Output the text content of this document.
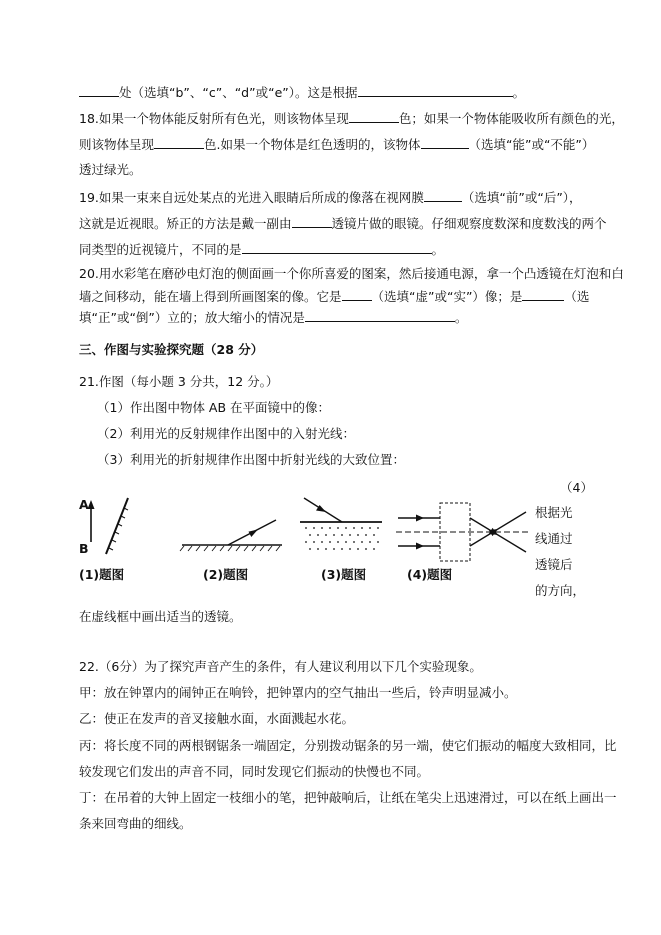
处（选填“b”、“c”、“d”或“e”）。这是根据	。
18.如果一个物体能反射所有色光，则该物体呈现	色；如果一个物体能吸收所有颜色的光，
则该物体呈现	色.如果一个物体是红色透明的，该物体	（选填“能”或“不能”）
透过绿光。
19.如果一束来自远处某点的光进入眼睛后所成的像落在视网膜	（选填“前”或“后”），
这就是近视眼。矫正的方法是戴一副由	透镜片做的眼镜。仔细观察度数深和度数浅的两个
同类型的近视镜片，不同的是	。
20.用水彩笔在磨砂电灯泡的侧面画一个你所喜爱的图案，然后接通电源，拿一个凸透镜在灯泡和白
墙之间移动，能在墙上得到所画图案的像。它是 （选填“虚”或“实”）像；是	（选
填“正”或“倒”）立的；放大缩小的情况是	。
三、作图与实验探究题（28 分）
21.作图（每小题 3 分共，12 分。）
（1）作出图中物体 AB 在平面镜中的像：
（2）利用光的反射规律作出图中的入射光线：
（3）利用光的折射规律作出图中折射光线的大致位置：
（4）
根据光
线通过
透镜后
的方向，
A
B
(1)题图	(2)题图	(3)题图	(4)题图
在虚线框中画出适当的透镜。
22.（6分）为了探究声音产生的条件，有人建议利用以下几个实验现象。
甲：放在钟罩内的闹钟正在响铃，把钟罩内的空气抽出一些后，铃声明显减小。
乙：使正在发声的音叉接触水面，水面溅起水花。
丙：将长度不同的两根钢锯条一端固定，分别拨动锯条的另一端，使它们振动的幅度大致相同，比
较发现它们发出的声音不同，同时发现它们振动的快慢也不同。
丁：在吊着的大钟上固定一枝细小的笔，把钟敲响后，让纸在笔尖上迅速滑过，可以在纸上画出一
条来回弯曲的细线。
